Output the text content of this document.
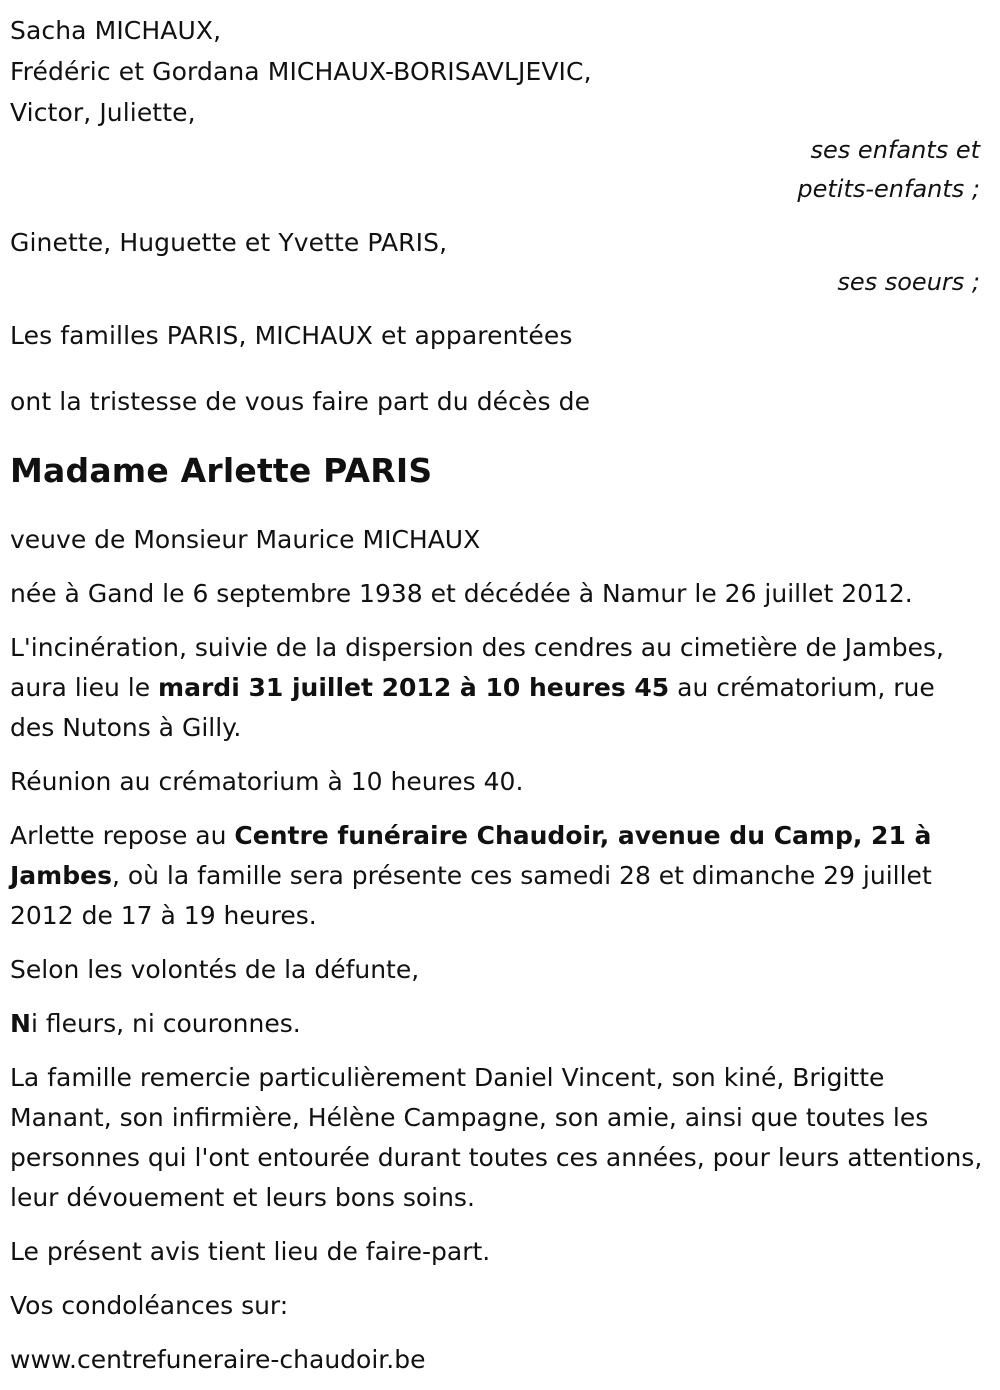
Sacha MICHAUX,
Frédéric et Gordana MICHAUX-BORISAVLJEVIC,
Victor, Juliette,
ses enfants et
petits-enfants ;
Ginette, Huguette et Yvette PARIS,
ses soeurs ;
Les familles PARIS, MICHAUX et apparentées
ont la tristesse de vous faire part du décès de
Madame Arlette PARIS
veuve de Monsieur Maurice MICHAUX
née à Gand le 6 septembre 1938 et décédée à Namur le 26 juillet 2012.
L'incinération, suivie de la dispersion des cendres au cimetière de Jambes, aura lieu le mardi 31 juillet 2012 à 10 heures 45 au crématorium, rue des Nutons à Gilly.
Réunion au crématorium à 10 heures 40.
Arlette repose au Centre funéraire Chaudoir, avenue du Camp, 21 à Jambes, où la famille sera présente ces samedi 28 et dimanche 29 juillet 2012 de 17 à 19 heures.
Selon les volontés de la défunte,
Ni fleurs, ni couronnes.
La famille remercie particulièrement Daniel Vincent, son kiné, Brigitte Manant, son infirmière, Hélène Campagne, son amie, ainsi que toutes les personnes qui l'ont entourée durant toutes ces années, pour leurs attentions, leur dévouement et leurs bons soins.
Le présent avis tient lieu de faire-part.
Vos condoléances sur:
www.centrefuneraire-chaudoir.be
